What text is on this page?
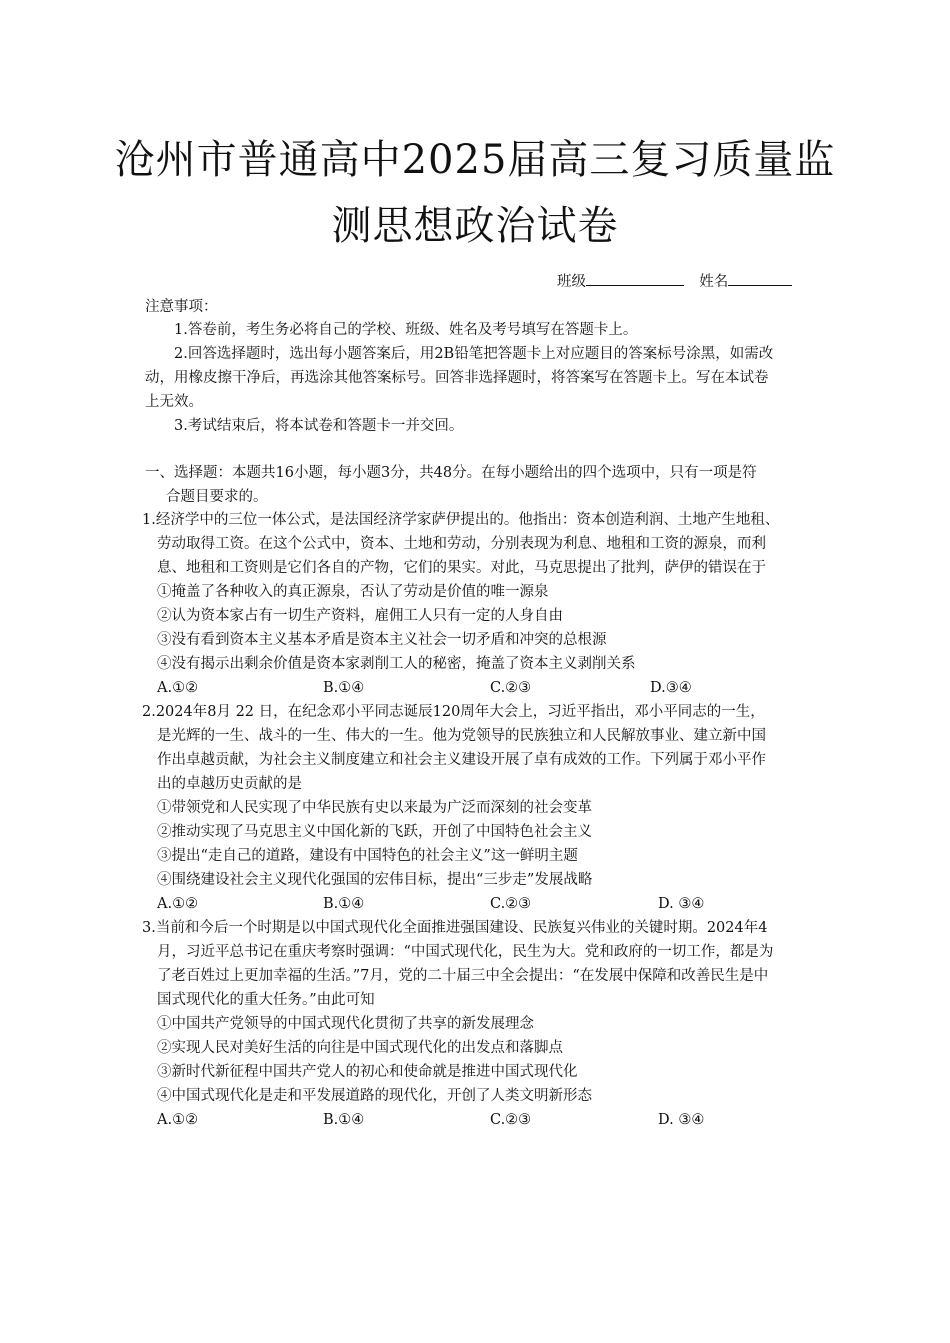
沧州市普通高中2025届高三复习质量监
测思想政治试卷
班级	姓名
注意事项：
1.答卷前，考生务必将自己的学校、班级、姓名及考号填写在答题卡上。
2.回答选择题时，选出每小题答案后，用2B铅笔把答题卡上对应题目的答案标号涂黑，如需改
动，用橡皮擦干净后，再选涂其他答案标号。回答非选择题时，将答案写在答题卡上。写在本试卷
上无效。
3.考试结束后，将本试卷和答题卡一并交回。
一、选择题：本题共16小题，每小题3分，共48分。在每小题给出的四个选项中，只有一项是符
合题目要求的。
1.经济学中的三位一体公式，是法国经济学家萨伊提出的。他指出：资本创造利润、土地产生地租、
劳动取得工资。在这个公式中，资本、土地和劳动，分别表现为利息、地租和工资的源泉，而利
息、地租和工资则是它们各自的产物，它们的果实。对此，马克思提出了批判，萨伊的错误在于
①掩盖了各种收入的真正源泉，否认了劳动是价值的唯一源泉
②认为资本家占有一切生产资料，雇佣工人只有一定的人身自由
③没有看到资本主义基本矛盾是资本主义社会一切矛盾和冲突的总根源
④没有揭示出剩余价值是资本家剥削工人的秘密，掩盖了资本主义剥削关系
A.①②	B.①④	C.②③	D.③④
2.2024年8月 22 日，在纪念邓小平同志诞辰120周年大会上，习近平指出，邓小平同志的一生，
是光辉的一生、战斗的一生、伟大的一生。他为党领导的民族独立和人民解放事业、建立新中国
作出卓越贡献，为社会主义制度建立和社会主义建设开展了卓有成效的工作。下列属于邓小平作
出的卓越历史贡献的是
①带领党和人民实现了中华民族有史以来最为广泛而深刻的社会变革
②推动实现了马克思主义中国化新的飞跃，开创了中国特色社会主义
③提出“走自己的道路，建设有中国特色的社会主义”这一鲜明主题
④围绕建设社会主义现代化强国的宏伟目标，提出“三步走”发展战略
A.①②	B.①④	C.②③	D. ③④
3.当前和今后一个时期是以中国式现代化全面推进强国建设、民族复兴伟业的关键时期。2024年4
月，习近平总书记在重庆考察时强调：“中国式现代化，民生为大。党和政府的一切工作，都是为
了老百姓过上更加幸福的生活。”7月，党的二十届三中全会提出：“在发展中保障和改善民生是中
国式现代化的重大任务。”由此可知
①中国共产党领导的中国式现代化贯彻了共享的新发展理念
②实现人民对美好生活的向往是中国式现代化的出发点和落脚点
③新时代新征程中国共产党人的初心和使命就是推进中国式现代化
④中国式现代化是走和平发展道路的现代化，开创了人类文明新形态
A.①②	B.①④	C.②③	D. ③④
